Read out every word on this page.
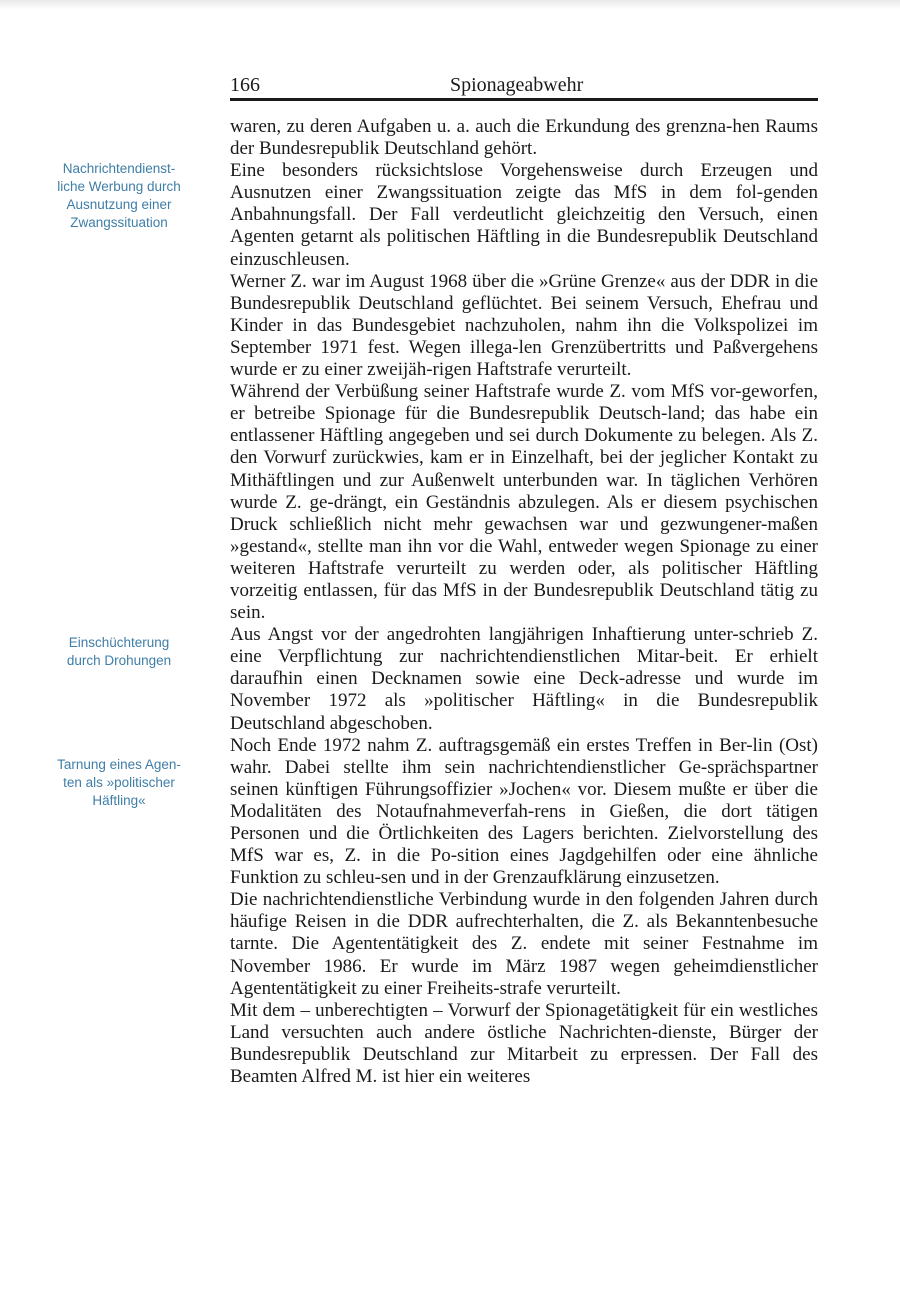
166	Spionageabwehr
Nachrichtendienst-
liche Werbung durch
Ausnutzung einer
Zwangssituation
Einschüchterung
durch Drohungen
Tarnung eines Agen-
ten als »politischer
Häftling«

waren, zu deren Aufgaben u. a. auch die Erkundung des grenzna-hen Raums der Bundesrepublik Deutschland gehört.

Eine besonders rücksichtslose Vorgehensweise durch Erzeugen und Ausnutzen einer Zwangssituation zeigte das MfS in dem fol-genden Anbahnungsfall. Der Fall verdeutlicht gleichzeitig den Versuch, einen Agenten getarnt als politischen Häftling in die Bundesrepublik Deutschland einzuschleusen.

Werner Z. war im August 1968 über die »Grüne Grenze« aus der DDR in die Bundesrepublik Deutschland geflüchtet. Bei seinem Versuch, Ehefrau und Kinder in das Bundesgebiet nachzuholen, nahm ihn die Volkspolizei im September 1971 fest. Wegen illega-len Grenzübertritts und Paßvergehens wurde er zu einer zweijäh-rigen Haftstrafe verurteilt.

Während der Verbüßung seiner Haftstrafe wurde Z. vom MfS vor-geworfen, er betreibe Spionage für die Bundesrepublik Deutsch-land; das habe ein entlassener Häftling angegeben und sei durch Dokumente zu belegen. Als Z. den Vorwurf zurückwies, kam er in Einzelhaft, bei der jeglicher Kontakt zu Mithäftlingen und zur Außenwelt unterbunden war. In täglichen Verhören wurde Z. ge-drängt, ein Geständnis abzulegen. Als er diesem psychischen Druck schließlich nicht mehr gewachsen war und gezwungener-maßen »gestand«, stellte man ihn vor die Wahl, entweder wegen Spionage zu einer weiteren Haftstrafe verurteilt zu werden oder, als politischer Häftling vorzeitig entlassen, für das MfS in der Bundesrepublik Deutschland tätig zu sein.

Aus Angst vor der angedrohten langjährigen Inhaftierung unter-schrieb Z. eine Verpflichtung zur nachrichtendienstlichen Mitar-beit. Er erhielt daraufhin einen Decknamen sowie eine Deck-adresse und wurde im November 1972 als »politischer Häftling« in die Bundesrepublik Deutschland abgeschoben.

Noch Ende 1972 nahm Z. auftragsgemäß ein erstes Treffen in Ber-lin (Ost) wahr. Dabei stellte ihm sein nachrichtendienstlicher Ge-sprächspartner seinen künftigen Führungsoffizier »Jochen« vor. Diesem mußte er über die Modalitäten des Notaufnahmeverfah-rens in Gießen, die dort tätigen Personen und die Örtlichkeiten des Lagers berichten. Zielvorstellung des MfS war es, Z. in die Po-sition eines Jagdgehilfen oder eine ähnliche Funktion zu schleu-sen und in der Grenzaufklärung einzusetzen.

Die nachrichtendienstliche Verbindung wurde in den folgenden Jahren durch häufige Reisen in die DDR aufrechterhalten, die Z. als Bekanntenbesuche tarnte. Die Agententätigkeit des Z. endete mit seiner Festnahme im November 1986. Er wurde im März 1987 wegen geheimdienstlicher Agententätigkeit zu einer Freiheits-strafe verurteilt.

Mit dem – unberechtigten – Vorwurf der Spionagetätigkeit für ein westliches Land versuchten auch andere östliche Nachrichten-dienste, Bürger der Bundesrepublik Deutschland zur Mitarbeit zu erpressen. Der Fall des Beamten Alfred M. ist hier ein weiteres
